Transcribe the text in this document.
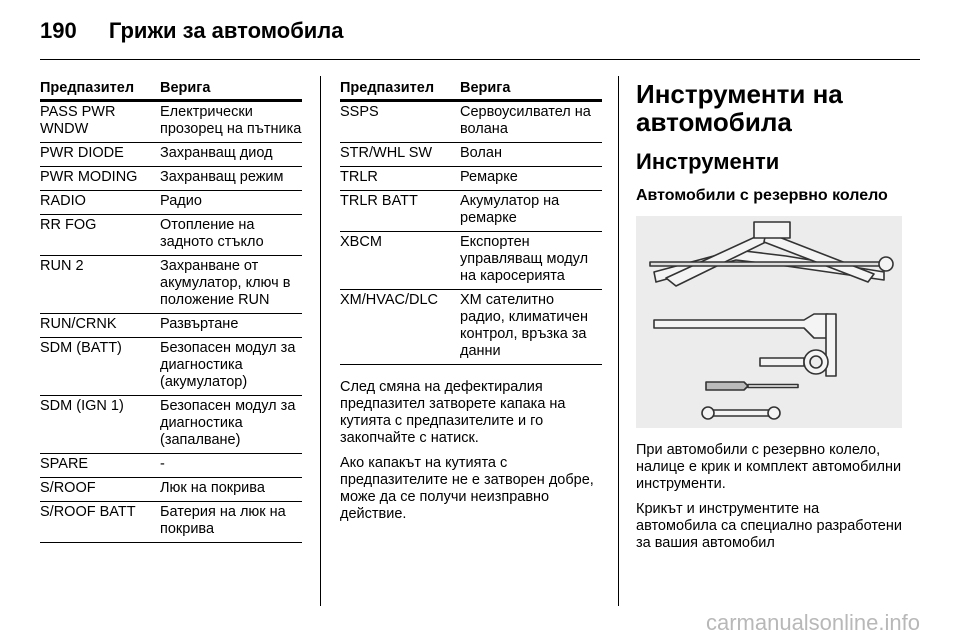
190 Грижи за автомобила
Предпазител	Верига
PASS PWR WNDW	Електрически прозорец на пътника
PWR DIODE	Захранващ диод
PWR MODING	Захранващ режим
RADIO	Радио
RR FOG	Отопление на задното стъкло
RUN 2	Захранване от акумулатор, ключ в положение RUN
RUN/CRNK	Развъртане
SDM (BATT)	Безопасен модул за диагностика (акумулатор)
SDM (IGN 1)	Безопасен модул за диагностика (запалване)
SPARE	-
S/ROOF	Люк на покрива
S/ROOF BATT	Батерия на люк на покрива
Предпазител	Верига
SSPS	Сервоусилвател на волана
STR/WHL SW	Волан
TRLR	Ремарке
TRLR BATT	Акумулатор на ремарке
XBCM	Експортен управляващ модул на каросерията
XM/HVAC/DLC	XM сателитно радио, климатичен контрол, връзка за данни

След смяна на дефектиралия предпазител затворете капака на кутията с предпазителите и го закопчайте с натиск.

Ако капакът на кутията с предпазителите не е затворен добре, може да се получи неизправно действие.

Инструменти на автомобила
Инструменти
Автомобили с резервно колело

При автомобили с резервно колело, налице е крик и комплект автомобилни инструменти.

Крикът и инструментите на автомобила са специално разработени за вашия автомобил

carmanualsonline.info
